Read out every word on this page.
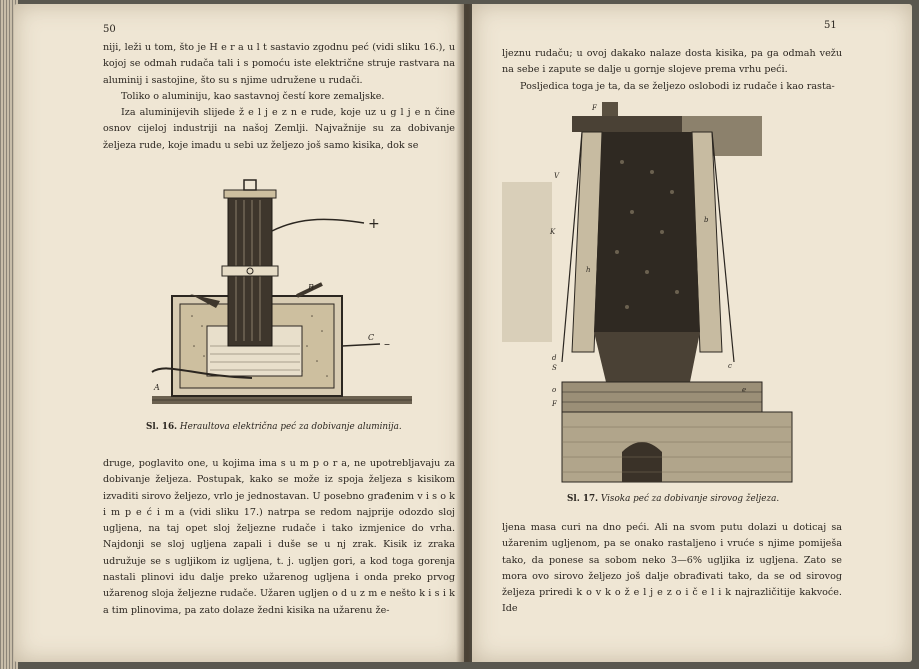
50

niji, leži u tom, što je H e r a u l t sastavio zgodnu peć (vidi sliku 16.), u kojoj se odmah rudača tali i s pomoću iste električne struje rastvara na aluminij i sastojine, što su s njime udružene u rudači.

Toliko o aluminiju, kao sastavnoj čestí kore zemaljske.

Iza aluminijevih slijede ž e l j e z n e rude, koje uz u g l j e n čine osnov cijeloj industriji na našoj Zemlji. Najvažnije su za dobivanje željeza rude, koje imadu u sebi uz željezo još samo kisika, dok se

+
B
A
C –
Sl. 16. Heraultova električna peć za dobivanje aluminija.

druge, poglavito one, u kojima ima s u m p o r a, ne upotrebljavaju za dobivanje željeza. Postupak, kako se može iz spoja željeza s kisikom izvaditi sirovo željezo, vrlo je jednostavan. U posebno građenim v i s o k i m p e ć i m a (vidi sliku 17.) natrpa se redom najprije odozdo sloj ugljena, na taj opet sloj željezne rudače i tako izmjenice do vrha. Najdonji se sloj ugljena zapali i duše se u nj zrak. Kisik iz zraka udružuje se s ugljikom iz ugljena, t. j. ugljen gori, a kod toga gorenja nastali plinovi idu dalje preko užarenog ugljena i onda preko prvog užarenog sloja željezne rudače. Užaren ugljen o d u z m e nešto k i s i k a tim plinovima, pa zato dolaze žedni kisika na užarenu že-

51

ljeznu rudaču; u ovoj dakako nalaze dosta kisika, pa ga odmah vežu na sebe i zapute se dalje u gornje slojeve prema vrhu peći.

Posljedica toga je ta, da se željezo oslobodi iz rudače i kao rasta-

F
V
K
h
b
d
S
o
F
c
e
Sl. 17. Visoka peć za dobivanje sirovog željeza.

ljena masa curi na dno peći. Ali na svom putu dolazi u doticaj sa užarenim ugljenom, pa se onako rastaljeno i vruće s njime pomiješa tako, da ponese sa sobom neko 3—6% ugljika iz ugljena. Zato se mora ovo sirovo željezo još dalje obrađivati tako, da se od sirovog željeza priredi k o v k o ž e l j e z o i č e l i k najrazličitije kakvoće. Ide
